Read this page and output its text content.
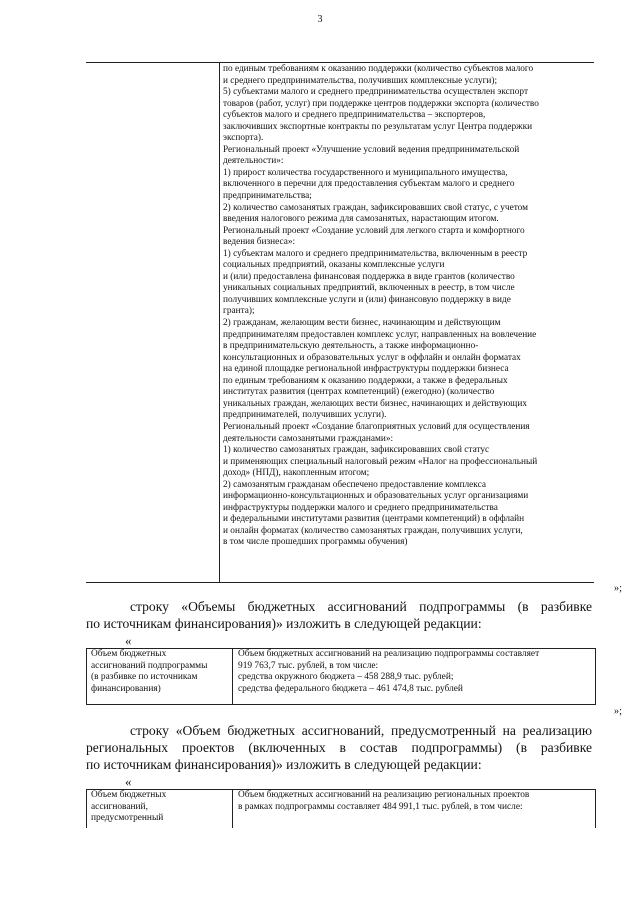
3
по единым требованиям к оказанию поддержки (количество субъектов малого
и среднего предпринимательства, получивших комплексные услуги);
5) субъектами малого и среднего предпринимательства осуществлен экспорт
товаров (работ, услуг) при поддержке центров поддержки экспорта (количество
субъектов малого и среднего предпринимательства – экспортеров,
заключивших экспортные контракты по результатам услуг Центра поддержки
экспорта).
Региональный проект «Улучшение условий ведения предпринимательской
деятельности»:
1) прирост количества государственного и муниципального имущества,
включенного в перечни для предоставления субъектам малого и среднего
предпринимательства;
2) количество самозанятых граждан, зафиксировавших свой статус, с учетом
введения налогового режима для самозанятых, нарастающим итогом.
Региональный проект «Создание условий для легкого старта и комфортного
ведения бизнеса»:
1) субъектам малого и среднего предпринимательства, включенным в реестр
социальных предприятий, оказаны комплексные услуги
и (или) предоставлена финансовая поддержка в виде грантов (количество
уникальных социальных предприятий, включенных в реестр, в том числе
получивших комплексные услуги и (или) финансовую поддержку в виде
гранта);
2) гражданам, желающим вести бизнес, начинающим и действующим
предпринимателям предоставлен комплекс услуг, направленных на вовлечение
в предпринимательскую деятельность, а также информационно-
консультационных и образовательных услуг в оффлайн и онлайн форматах
на единой площадке региональной инфраструктуры поддержки бизнеса
по единым требованиям к оказанию поддержки, а также в федеральных
институтах развития (центрах компетенций) (ежегодно) (количество
уникальных граждан, желающих вести бизнес, начинающих и действующих
предпринимателей, получивших услуги).
Региональный проект «Создание благоприятных условий для осуществления
деятельности самозанятыми гражданами»:
1) количество самозанятых граждан, зафиксировавших свой статус
и применяющих специальный налоговый режим «Налог на профессиональный
доход» (НПД), накопленным итогом;
2) самозанятым гражданам обеспечено предоставление комплекса
информационно-консультационных и образовательных услуг организациями
инфраструктуры поддержки малого и среднего предпринимательства
и федеральными институтами развития (центрами компетенций) в оффлайн
и онлайн форматах (количество самозанятых граждан, получивших услуги,
в том числе прошедших программы обучения)
»;
строку «Объемы бюджетных ассигнований подпрограммы (в разбивке
по источникам финансирования)» изложить в следующей редакции:
«
Объем бюджетных
ассигнований подпрограммы
(в разбивке по источникам
финансирования)
Объем бюджетных ассигнований на реализацию подпрограммы составляет
919 763,7 тыс. рублей, в том числе:
средства окружного бюджета – 458 288,9 тыс. рублей;
средства федерального бюджета – 461 474,8 тыс. рублей
»;
строку «Объем бюджетных ассигнований, предусмотренный на реализацию
региональных проектов (включенных в состав подпрограммы) (в разбивке
по источникам финансирования)» изложить в следующей редакции:
«
Объем бюджетных
ассигнований,
предусмотренный
Объем бюджетных ассигнований на реализацию региональных проектов
в рамках подпрограммы составляет 484 991,1 тыс. рублей, в том числе:
